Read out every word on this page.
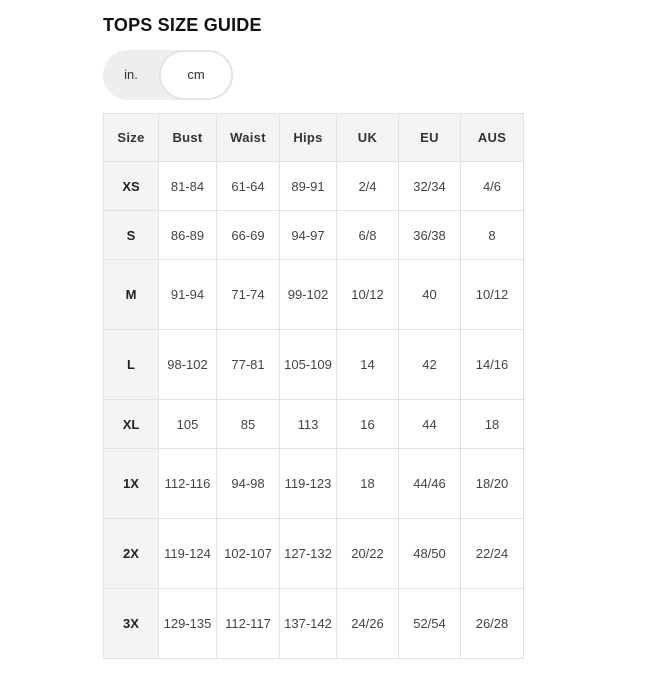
TOPS SIZE GUIDE
in.	cm
Size	Bust	Waist	Hips	UK	EU	AUS
XS	81-84	61-64	89-91	2/4	32/34	4/6
S	86-89	66-69	94-97	6/8	36/38	8
M	91-94	71-74	99-102	10/12	40	10/12
L	98-102	77-81	105-109	14	42	14/16
XL	105	85	113	16	44	18
1X	112-116	94-98	119-123	18	44/46	18/20
2X	119-124	102-107	127-132	20/22	48/50	22/24
3X	129-135	112-117	137-142	24/26	52/54	26/28
